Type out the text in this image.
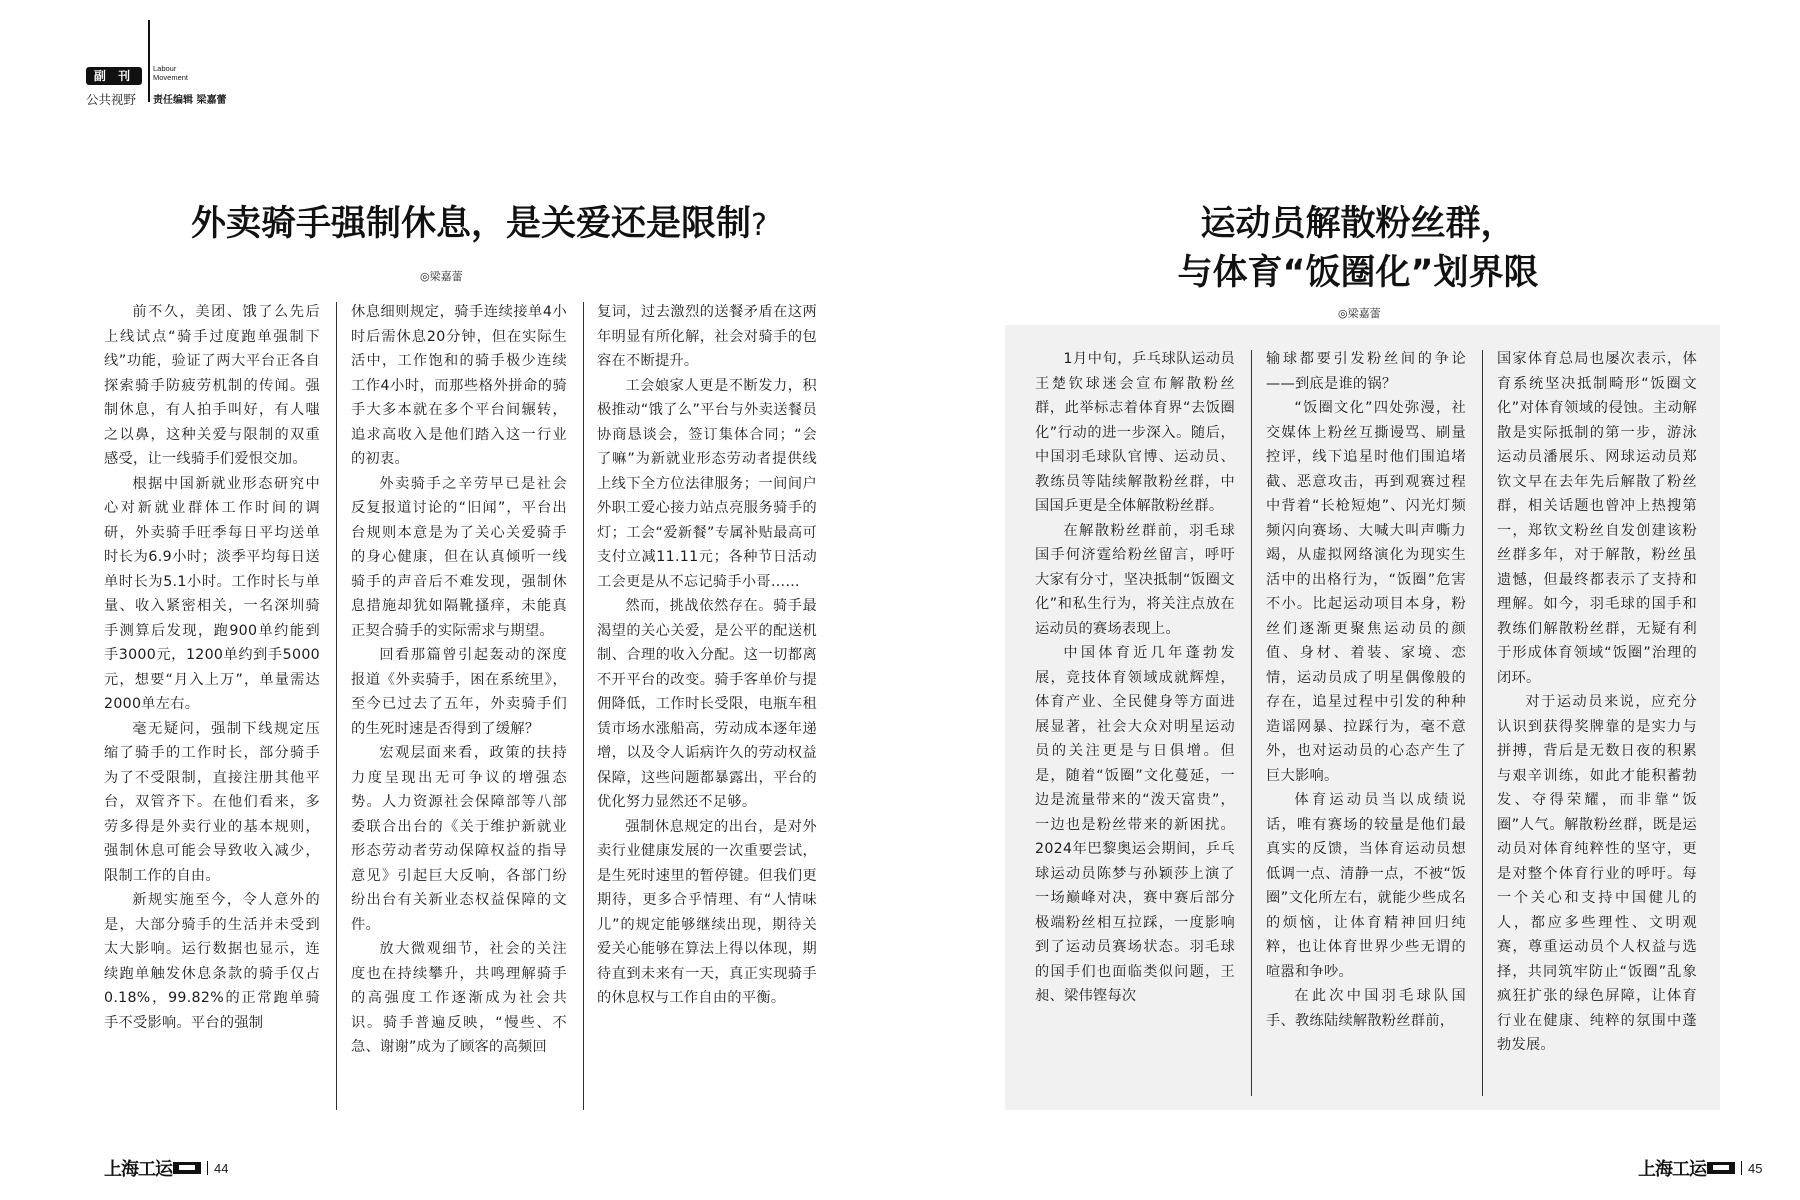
副 刊
公共视野
Labour Movement
责任编辑 梁嘉蕾
外卖骑手强制休息，是关爱还是限制?
◎梁嘉蕾

前不久，美团、饿了么先后上线试点“骑手过度跑单强制下线”功能，验证了两大平台正各自探索骑手防疲劳机制的传闻。强制休息，有人拍手叫好，有人嗤之以鼻，这种关爱与限制的双重感受，让一线骑手们爱恨交加。

根据中国新就业形态研究中心对新就业群体工作时间的调研，外卖骑手旺季每日平均送单时长为6.9小时；淡季平均每日送单时长为5.1小时。工作时长与单量、收入紧密相关，一名深圳骑手测算后发现，跑900单约能到手3000元，1200单约到手5000元，想要“月入上万”，单量需达2000单左右。

毫无疑问，强制下线规定压缩了骑手的工作时长，部分骑手为了不受限制，直接注册其他平台，双管齐下。在他们看来，多劳多得是外卖行业的基本规则，强制休息可能会导致收入减少，限制工作的自由。

新规实施至今，令人意外的是，大部分骑手的生活并未受到太大影响。运行数据也显示，连续跑单触发休息条款的骑手仅占0.18%，99.82%的正常跑单骑手不受影响。平台的强制

休息细则规定，骑手连续接单4小时后需休息20分钟，但在实际生活中，工作饱和的骑手极少连续工作4小时，而那些格外拼命的骑手大多本就在多个平台间辗转，追求高收入是他们踏入这一行业的初衷。

外卖骑手之辛劳早已是社会反复报道讨论的“旧闻”，平台出台规则本意是为了关心关爱骑手的身心健康，但在认真倾听一线骑手的声音后不难发现，强制休息措施却犹如隔靴搔痒，未能真正契合骑手的实际需求与期望。

回看那篇曾引起轰动的深度报道《外卖骑手，困在系统里》，至今已过去了五年，外卖骑手们的生死时速是否得到了缓解？

宏观层面来看，政策的扶持力度呈现出无可争议的增强态势。人力资源社会保障部等八部委联合出台的《关于维护新就业形态劳动者劳动保障权益的指导意见》引起巨大反响，各部门纷纷出台有关新业态权益保障的文件。

放大微观细节，社会的关注度也在持续攀升，共鸣理解骑手的高强度工作逐渐成为社会共识。骑手普遍反映，“慢些、不急、谢谢”成为了顾客的高频回

复词，过去激烈的送餐矛盾在这两年明显有所化解，社会对骑手的包容在不断提升。

工会娘家人更是不断发力，积极推动“饿了么”平台与外卖送餐员协商恳谈会，签订集体合同；“会了嘛”为新就业形态劳动者提供线上线下全方位法律服务；一间间户外职工爱心接力站点亮服务骑手的灯；工会“爱新餐”专属补贴最高可支付立减11.11元；各种节日活动工会更是从不忘记骑手小哥……

然而，挑战依然存在。骑手最渴望的关心关爱，是公平的配送机制、合理的收入分配。这一切都离不开平台的改变。骑手客单价与提佣降低，工作时长受限，电瓶车租赁市场水涨船高，劳动成本逐年递增，以及令人诟病许久的劳动权益保障，这些问题都暴露出，平台的优化努力显然还不足够。

强制休息规定的出台，是对外卖行业健康发展的一次重要尝试，是生死时速里的暂停键。但我们更期待，更多合乎情理、有“人情味儿”的规定能够继续出现，期待关爱关心能够在算法上得以体现，期待直到未来有一天，真正实现骑手的休息权与工作自由的平衡。

上海工运	44
运动员解散粉丝群，
与体育“饭圈化”划界限
◎梁嘉蕾

1月中旬，乒乓球队运动员王楚钦球迷会宣布解散粉丝群，此举标志着体育界“去饭圈化”行动的进一步深入。随后，中国羽毛球队官博、运动员、教练员等陆续解散粉丝群，中国国乒更是全体解散粉丝群。

在解散粉丝群前，羽毛球国手何济霆给粉丝留言，呼吁大家有分寸，坚决抵制“饭圈文化”和私生行为，将关注点放在运动员的赛场表现上。

中国体育近几年蓬勃发展，竞技体育领域成就辉煌，体育产业、全民健身等方面进展显著，社会大众对明星运动员的关注更是与日俱增。但是，随着“饭圈”文化蔓延，一边是流量带来的“泼天富贵”，一边也是粉丝带来的新困扰。2024年巴黎奥运会期间，乒乓球运动员陈梦与孙颖莎上演了一场巅峰对决，赛中赛后部分极端粉丝相互拉踩，一度影响到了运动员赛场状态。羽毛球的国手们也面临类似问题，王昶、梁伟铿每次

输球都要引发粉丝间的争论——到底是谁的锅？

“饭圈文化”四处弥漫，社交媒体上粉丝互撕谩骂、刷量控评，线下追星时他们围追堵截、恶意攻击，再到观赛过程中背着“长枪短炮”、闪光灯频频闪向赛场、大喊大叫声嘶力竭，从虚拟网络演化为现实生活中的出格行为，“饭圈”危害不小。比起运动项目本身，粉丝们逐渐更聚焦运动员的颜值、身材、着装、家境、恋情，运动员成了明星偶像般的存在，追星过程中引发的种种造谣网暴、拉踩行为，毫不意外，也对运动员的心态产生了巨大影响。

体育运动员当以成绩说话，唯有赛场的较量是他们最真实的反馈，当体育运动员想低调一点、清静一点，不被“饭圈”文化所左右，就能少些成名的烦恼，让体育精神回归纯粹，也让体育世界少些无谓的喧嚣和争吵。

在此次中国羽毛球队国手、教练陆续解散粉丝群前，

国家体育总局也屡次表示，体育系统坚决抵制畸形“饭圈文化”对体育领域的侵蚀。主动解散是实际抵制的第一步，游泳运动员潘展乐、网球运动员郑钦文早在去年先后解散了粉丝群，相关话题也曾冲上热搜第一，郑钦文粉丝自发创建该粉丝群多年，对于解散，粉丝虽遗憾，但最终都表示了支持和理解。如今，羽毛球的国手和教练们解散粉丝群，无疑有利于形成体育领域“饭圈”治理的闭环。

对于运动员来说，应充分认识到获得奖牌靠的是实力与拼搏，背后是无数日夜的积累与艰辛训练，如此才能积蓄勃发、夺得荣耀，而非靠“饭圈”人气。解散粉丝群，既是运动员对体育纯粹性的坚守，更是对整个体育行业的呼吁。每一个关心和支持中国健儿的人，都应多些理性、文明观赛，尊重运动员个人权益与选择，共同筑牢防止“饭圈”乱象疯狂扩张的绿色屏障，让体育行业在健康、纯粹的氛围中蓬勃发展。

上海工运	45
